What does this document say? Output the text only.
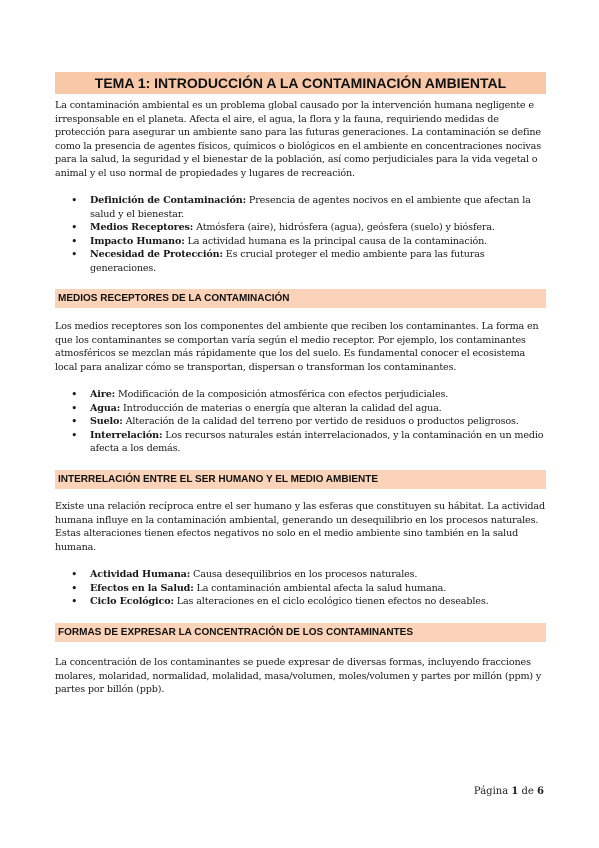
TEMA 1: INTRODUCCIÓN A LA CONTAMINACIÓN AMBIENTAL

La contaminación ambiental es un problema global causado por la intervención humana negligente e irresponsable en el planeta. Afecta el aire, el agua, la flora y la fauna, requiriendo medidas de protección para asegurar un ambiente sano para las futuras generaciones. La contaminación se define como la presencia de agentes físicos, químicos o biológicos en el ambiente en concentraciones nocivas para la salud, la seguridad y el bienestar de la población, así como perjudiciales para la vida vegetal o animal y el uso normal de propiedades y lugares de recreación.

• Definición de Contaminación: Presencia de agentes nocivos en el ambiente que afectan la salud y el bienestar.
• Medios Receptores: Atmósfera (aire), hidrósfera (agua), geósfera (suelo) y biósfera.
• Impacto Humano: La actividad humana es la principal causa de la contaminación.
• Necesidad de Protección: Es crucial proteger el medio ambiente para las futuras generaciones.
MEDIOS RECEPTORES DE LA CONTAMINACIÓN

Los medios receptores son los componentes del ambiente que reciben los contaminantes. La forma en que los contaminantes se comportan varía según el medio receptor. Por ejemplo, los contaminantes atmosféricos se mezclan más rápidamente que los del suelo. Es fundamental conocer el ecosistema local para analizar cómo se transportan, dispersan o transforman los contaminantes.

• Aire: Modificación de la composición atmosférica con efectos perjudiciales.
• Agua: Introducción de materias o energía que alteran la calidad del agua.
• Suelo: Alteración de la calidad del terreno por vertido de residuos o productos peligrosos.
• Interrelación: Los recursos naturales están interrelacionados, y la contaminación en un medio afecta a los demás.
INTERRELACIÓN ENTRE EL SER HUMANO Y EL MEDIO AMBIENTE

Existe una relación recíproca entre el ser humano y las esferas que constituyen su hábitat. La actividad humana influye en la contaminación ambiental, generando un desequilibrio en los procesos naturales. Estas alteraciones tienen efectos negativos no solo en el medio ambiente sino también en la salud humana.

• Actividad Humana: Causa desequilibrios en los procesos naturales.
• Efectos en la Salud: La contaminación ambiental afecta la salud humana.
• Ciclo Ecológico: Las alteraciones en el ciclo ecológico tienen efectos no deseables.
FORMAS DE EXPRESAR LA CONCENTRACIÓN DE LOS CONTAMINANTES

La concentración de los contaminantes se puede expresar de diversas formas, incluyendo fracciones molares, molaridad, normalidad, molalidad, masa/volumen, moles/volumen y partes por millón (ppm) y partes por billón (ppb).

Página 1 de 6
